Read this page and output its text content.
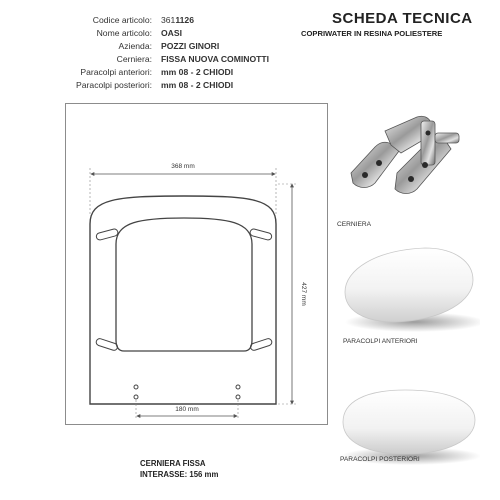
Codice articolo: 3611126
Nome articolo: OASI
Azienda: POZZI GINORI
Cerniera: FISSA NUOVA COMINOTTI
Paracolpi anteriori: mm 08 - 2 CHIODI
Paracolpi posteriori: mm 08 - 2 CHIODI
SCHEDA TECNICA
COPRIWATER IN RESINA POLIESTERE
368 mm
427 mm
180 mm
CERNIERA FISSA
INTERASSE: 156 mm
CERNIERA
PARACOLPI ANTERIORI
PARACOLPI POSTERIORI
